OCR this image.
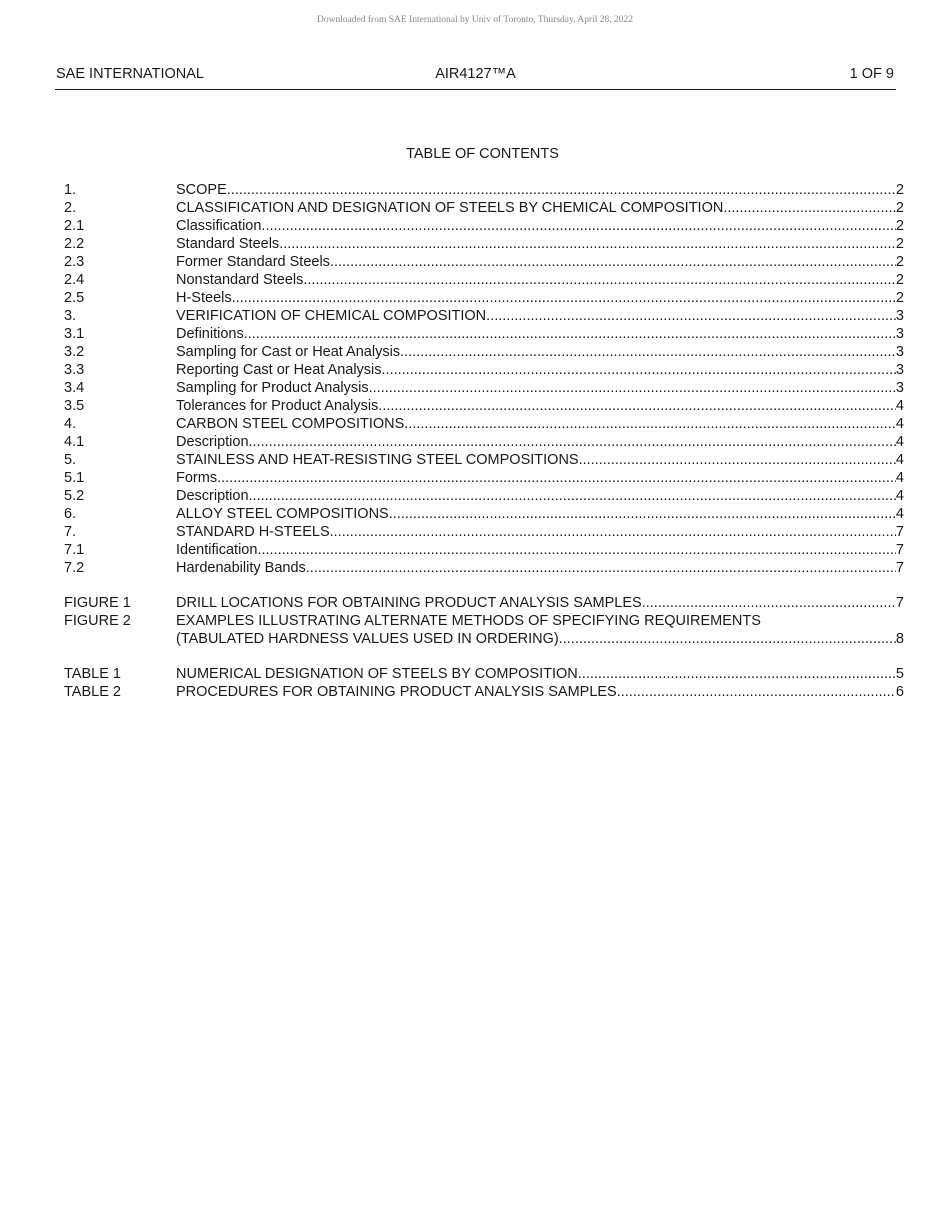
Downloaded from SAE International by Univ of Toronto, Thursday, April 28, 2022
SAE INTERNATIONAL	AIR4127™A	1 OF 9
TABLE OF CONTENTS
1.	SCOPE .....	2
2.	CLASSIFICATION AND DESIGNATION OF STEELS BY CHEMICAL COMPOSITION .....	2
2.1	Classification .....	2
2.2	Standard Steels .....	2
2.3	Former Standard Steels .....	2
2.4	Nonstandard Steels .....	2
2.5	H-Steels .....	2
3.	VERIFICATION OF CHEMICAL COMPOSITION .....	3
3.1	Definitions .....	3
3.2	Sampling for Cast or Heat Analysis .....	3
3.3	Reporting Cast or Heat Analysis .....	3
3.4	Sampling for Product Analysis .....	3
3.5	Tolerances for Product Analysis .....	4
4.	CARBON STEEL COMPOSITIONS .....	4
4.1	Description .....	4
5.	STAINLESS AND HEAT-RESISTING STEEL COMPOSITIONS .....	4
5.1	Forms .....	4
5.2	Description .....	4
6.	ALLOY STEEL COMPOSITIONS .....	4
7.	STANDARD H-STEELS .....	7
7.1	Identification .....	7
7.2	Hardenability Bands .....	7
FIGURE 1	DRILL LOCATIONS FOR OBTAINING PRODUCT ANALYSIS SAMPLES .....	7
FIGURE 2	EXAMPLES ILLUSTRATING ALTERNATE METHODS OF SPECIFYING REQUIREMENTS
(TABULATED HARDNESS VALUES USED IN ORDERING) .....	8
TABLE 1	NUMERICAL DESIGNATION OF STEELS BY COMPOSITION .....	5
TABLE 2	PROCEDURES FOR OBTAINING PRODUCT ANALYSIS SAMPLES .....	6
